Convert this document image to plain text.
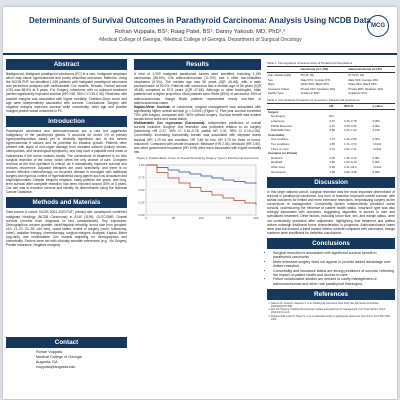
Determinants of Survival Outcomes in Parathyroid Carcinoma: Analysis Using NCDB Data
Rohan Vuppala, BS¹; Raag Patel, BS¹; Danny Yakoub, MD, PhD¹,²
¹Medical College of Georgia, ²Medical College of Georgia, Department of Surgical Oncology
MCG
Abstract
Background: Malignant parathyroid carcinoma (PC) is a rare, malignant neoplasm which may cause hypercalcemia and poorly described outcomes. Methods: Using the NCDB PUF, we identified 1,159 patients with malignant parathyroid carcinoma and performed analyses with multivariable Cox models. Results: Overall survival (OS) was 88.8% at 5 years. For Surgery, lobectomy with no adjuvant treatment yielded significantly improved survival (HR 0.58, 95% CI 0.35-0.96). Resection with positive margins was associated with higher mortality. Charlson-Deyo score and age were independently associated with survival. Conclusions: Surgery with negative margins improves survival while comorbidity, older age and positive margins predict worse outcomes in PC.
Introduction
Parathyroid carcinoma and adenocarcinomas are a rare but aggressive malignancy of the parathyroid glands. It accounts for under 1% of primary hyperparathyroidism cases yet is clinically significant due to the severe hypercalcemia it causes and its potential for invasive growth. Patients often present with signs of end-organ damage from elevated calcium (kidney stones, osteoporosis, and neurological symptoms), and may have a palpable neck mass or hoarseness if the tumor invades locally. The cornerstone of treatment is en bloc surgical resection of the tumor, which offers the only chance of cure. Complete removal at the first operation is critical, as it dramatically improves survival and reduces recurrence. Adjuvant therapies are used selectively, and there is no proven effective chemotherapy, so recurrent disease is managed with additional surgery and rigorous control of hypercalcemia using agents such as cinacalcet and bisphosphonates. Despite frequent relapses, many patients live years, and long-term survival after complete resection has been reported around 80% at 5 years. Our aim was to examine survival and identify its determinants using the National Cancer Database.
Methods and Materials
Data source & cohort: NCDB 2004-2020 PUF; primary site: parathyroid; confirmed malignant histology (NCDB Carcinoma) in 8140 (1199). OUTCOME: Overall survival (months from diagnosis to last contact/death). Key exposures: Demographics: income quartile, race/Hispanic ethnicity; tumor size (mm grouped: ≤10, 11–20, 21–39, ≥40 mm), nodal status, extent of surgery (none, lobectomy, other), radiation therapy, chemotherapy, surgical margins. Analysis: Kaplan–Meier (log-rank) and multivariable Cox models adjusting for demographics and comorbidity. Factors were set with clinically sensible references (e.g., No Surgery, Private Insurance, Negative margins).
Contact
Rohan Vuppala
Medical College of Georgia
Augusta, GA
rvuppala@augusta.edu
Results
A total of 1,309 malignant parathyroid tumors were identified, including 1,159 carcinomas (88.5%), 146 adenocarcinomas (11.2%), and 4 other non-classified neoplasms (0.3%). The median age was 56 years (IQR 45–66), with a male predominance of 53.0%. Patients with carcinoma had a median age of 56 years (IQR 45-66) compared to 57.5 years (IQR 47-66). Although in other histologies, Male patients had a higher proportion. Most patients were White (65%) of carcinoma, 53% of adenocarcinomas, though Black patients represented nearly one-third of adenocarcinoma cases.
Kaplan-Meier Survival: In carcinoma, surgical management was associated with significantly higher overall survival (p < 0.0001) (Figure 1). Five-year survival exceeded 70% with surgery, compared with ~60% without surgery. Survival benefit was evident across tumor sizes and nodal status.
Multivariable Cox regression (Carcinoma): Independent predictors of overall survival included: Surgery: Any resection was protective relative to no surgery (lobectomy HR 0.37, 95% CI 0.16–0.78; partial HR 0.31, 95% CI 0.15–0.66). Comorbidity: Increasing comorbidity burden was associated with stepwise worse survival (HR 1.75 for one condition; HR 2.85 for two; HR 3.70 for three or more). Insurance: Compared with private insurance, Medicare (HR 2.06), Medicaid (HR 2.80), and other government insurance (HR 6.09) were each associated with higher mortality risk.
Figure 1: Kaplan-Meier Curve of Overall Survival by Surgery Type in Parathyroid Carcinoma
0.00
0.25
0.50
0.75
1.00
0	50	100	150	200
Table 1. Demographic Characteristics of Parathyroid Neoplasms
	Carcinoma (n=1,159)	Adenocarcinoma (n=146)
Age, Median [IQR]	56 [45, 66]	57.5 [47, 66]
Sex	Male 53%; Female 47%	Male 51%; Female 49%
Race	White 65%; Black 25%	White 53%; Black 33%
Insurance Status	Private 52%; Medicare 29%	Private 38%; Medicare 42%
Facility Type	Academic 58%	Academic 44%
Table 2. Cox Analysis Predictors of Survival in Parathyroid Carcinoma
	HR	95% CI	p-value
Surgery			
No Surgery	Ref		
Lobectomy	0.37	0.16–0.78	0.009
Partial Resection	0.31	0.15–0.66	0.002
Radical/En bloc	0.58	0.25–1.34	0.199
Comorbidity			
One condition	1.75	1.20–2.56	0.004
Two conditions	2.85	1.71–4.74	<0.001
Three or more	3.70	1.87–7.31	<0.001
Insurance (vs Private)			
Medicare	2.06	1.36–3.12	0.001
Medicaid	2.80	1.53–5.10	0.001
Other Govt	6.09	2.41–15.4	<0.001
Not insured	1.98	0.90–4.36	0.090
Discussion
In this large national cohort, surgical resection was the most important determinant of survival in parathyroid carcinoma. Any form of resection improved overall survival, with similar outcomes for limited and more extensive resections, emphasizing surgery as the cornerstone of management. Comorbidity burden independently predicted worse survival, underscoring the influence of patient health status. Insurance type was also strongly associated with outcomes, suggesting disparities in access to care and specialized treatment. Other factors, including tumor size, sex, and margin status, were not consistently predictive after adjustment, highlighting that treatment and patient factors outweigh traditional tumor characteristics in prognosis. Adenocarcinoma cases were less but showed a trend toward inferior survival compared with carcinoma, though numbers were insufficient for definitive conclusions.
Conclusions
• Surgical resection is associated with significant survival benefit in parathyroid carcinoma.
• More extensive surgery does not appear to provide added advantage over limited resection.
• Comorbidity and insurance status are strong predictors of survival, reflecting the impact of patient health and access to care.
• Future collaborative studies are needed to clarify management of adenocarcinomas and other rare parathyroid histologies.
References
1. Salcuni AS, Cetani F, Guarnieri V, et al. Parathyroid carcinoma. Best Pract Res Clin Endocrinol Metab. 2018;32(6):877-889.
2. Wei CH, Harari A. Parathyroid carcinoma: update and guidelines for management. Curr Treat Options Oncol. 2012;13(1):11-23.
3. Ryhänen EM, Leijon H, Metso S, et al. A nationwide study on parathyroid carcinoma. Acta Oncol. 2017;56(7):991-1003.
